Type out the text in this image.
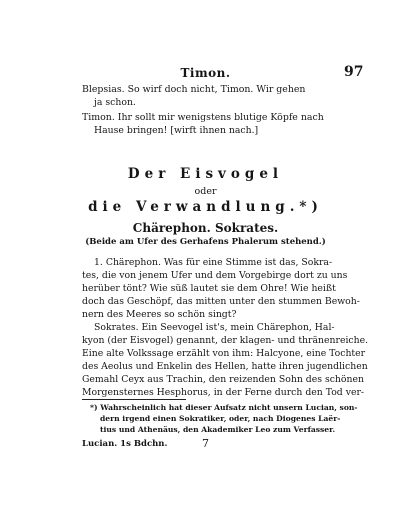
Timon.	97
Blepsias. So wirf doch nicht, Timon. Wir gehen
ja schon.
Timon. Ihr sollt mir wenigstens blutige Köpfe nach
Hause bringen! [wirft ihnen nach.]
Der Eisvogel
oder
die Verwandlung.*)
Chärephon. Sokrates.
(Beide am Ufer des Gerhafens Phalerum stehend.)
1. Chärephon. Was für eine Stimme ist das, Sokra-
tes, die von jenem Ufer und dem Vorgebirge dort zu uns
herüber tönt? Wie süß lautet sie dem Ohre! Wie heißt
doch das Geschöpf, das mitten unter den stummen Bewoh-
nern des Meeres so schön singt?
Sokrates. Ein Seevogel ist's, mein Chärephon, Hal-
kyon (der Eisvogel) genannt, der klagen- und thränenreiche.
Eine alte Volkssage erzählt von ihm: Halcyone, eine Tochter
des Aeolus und Enkelin des Hellen, hatte ihren jugendlichen
Gemahl Ceyx aus Trachin, den reizenden Sohn des schönen
Morgensternes Hesphorus, in der Ferne durch den Tod ver-
*) Wahrscheinlich hat dieser Aufsatz nicht unsern Lucian, son-
dern irgend einen Sokratiker, oder, nach Diogenes Laër-
tius und Athenäus, den Akademiker Leo zum Verfasser.
Lucian. 1s Bdchn.	7
